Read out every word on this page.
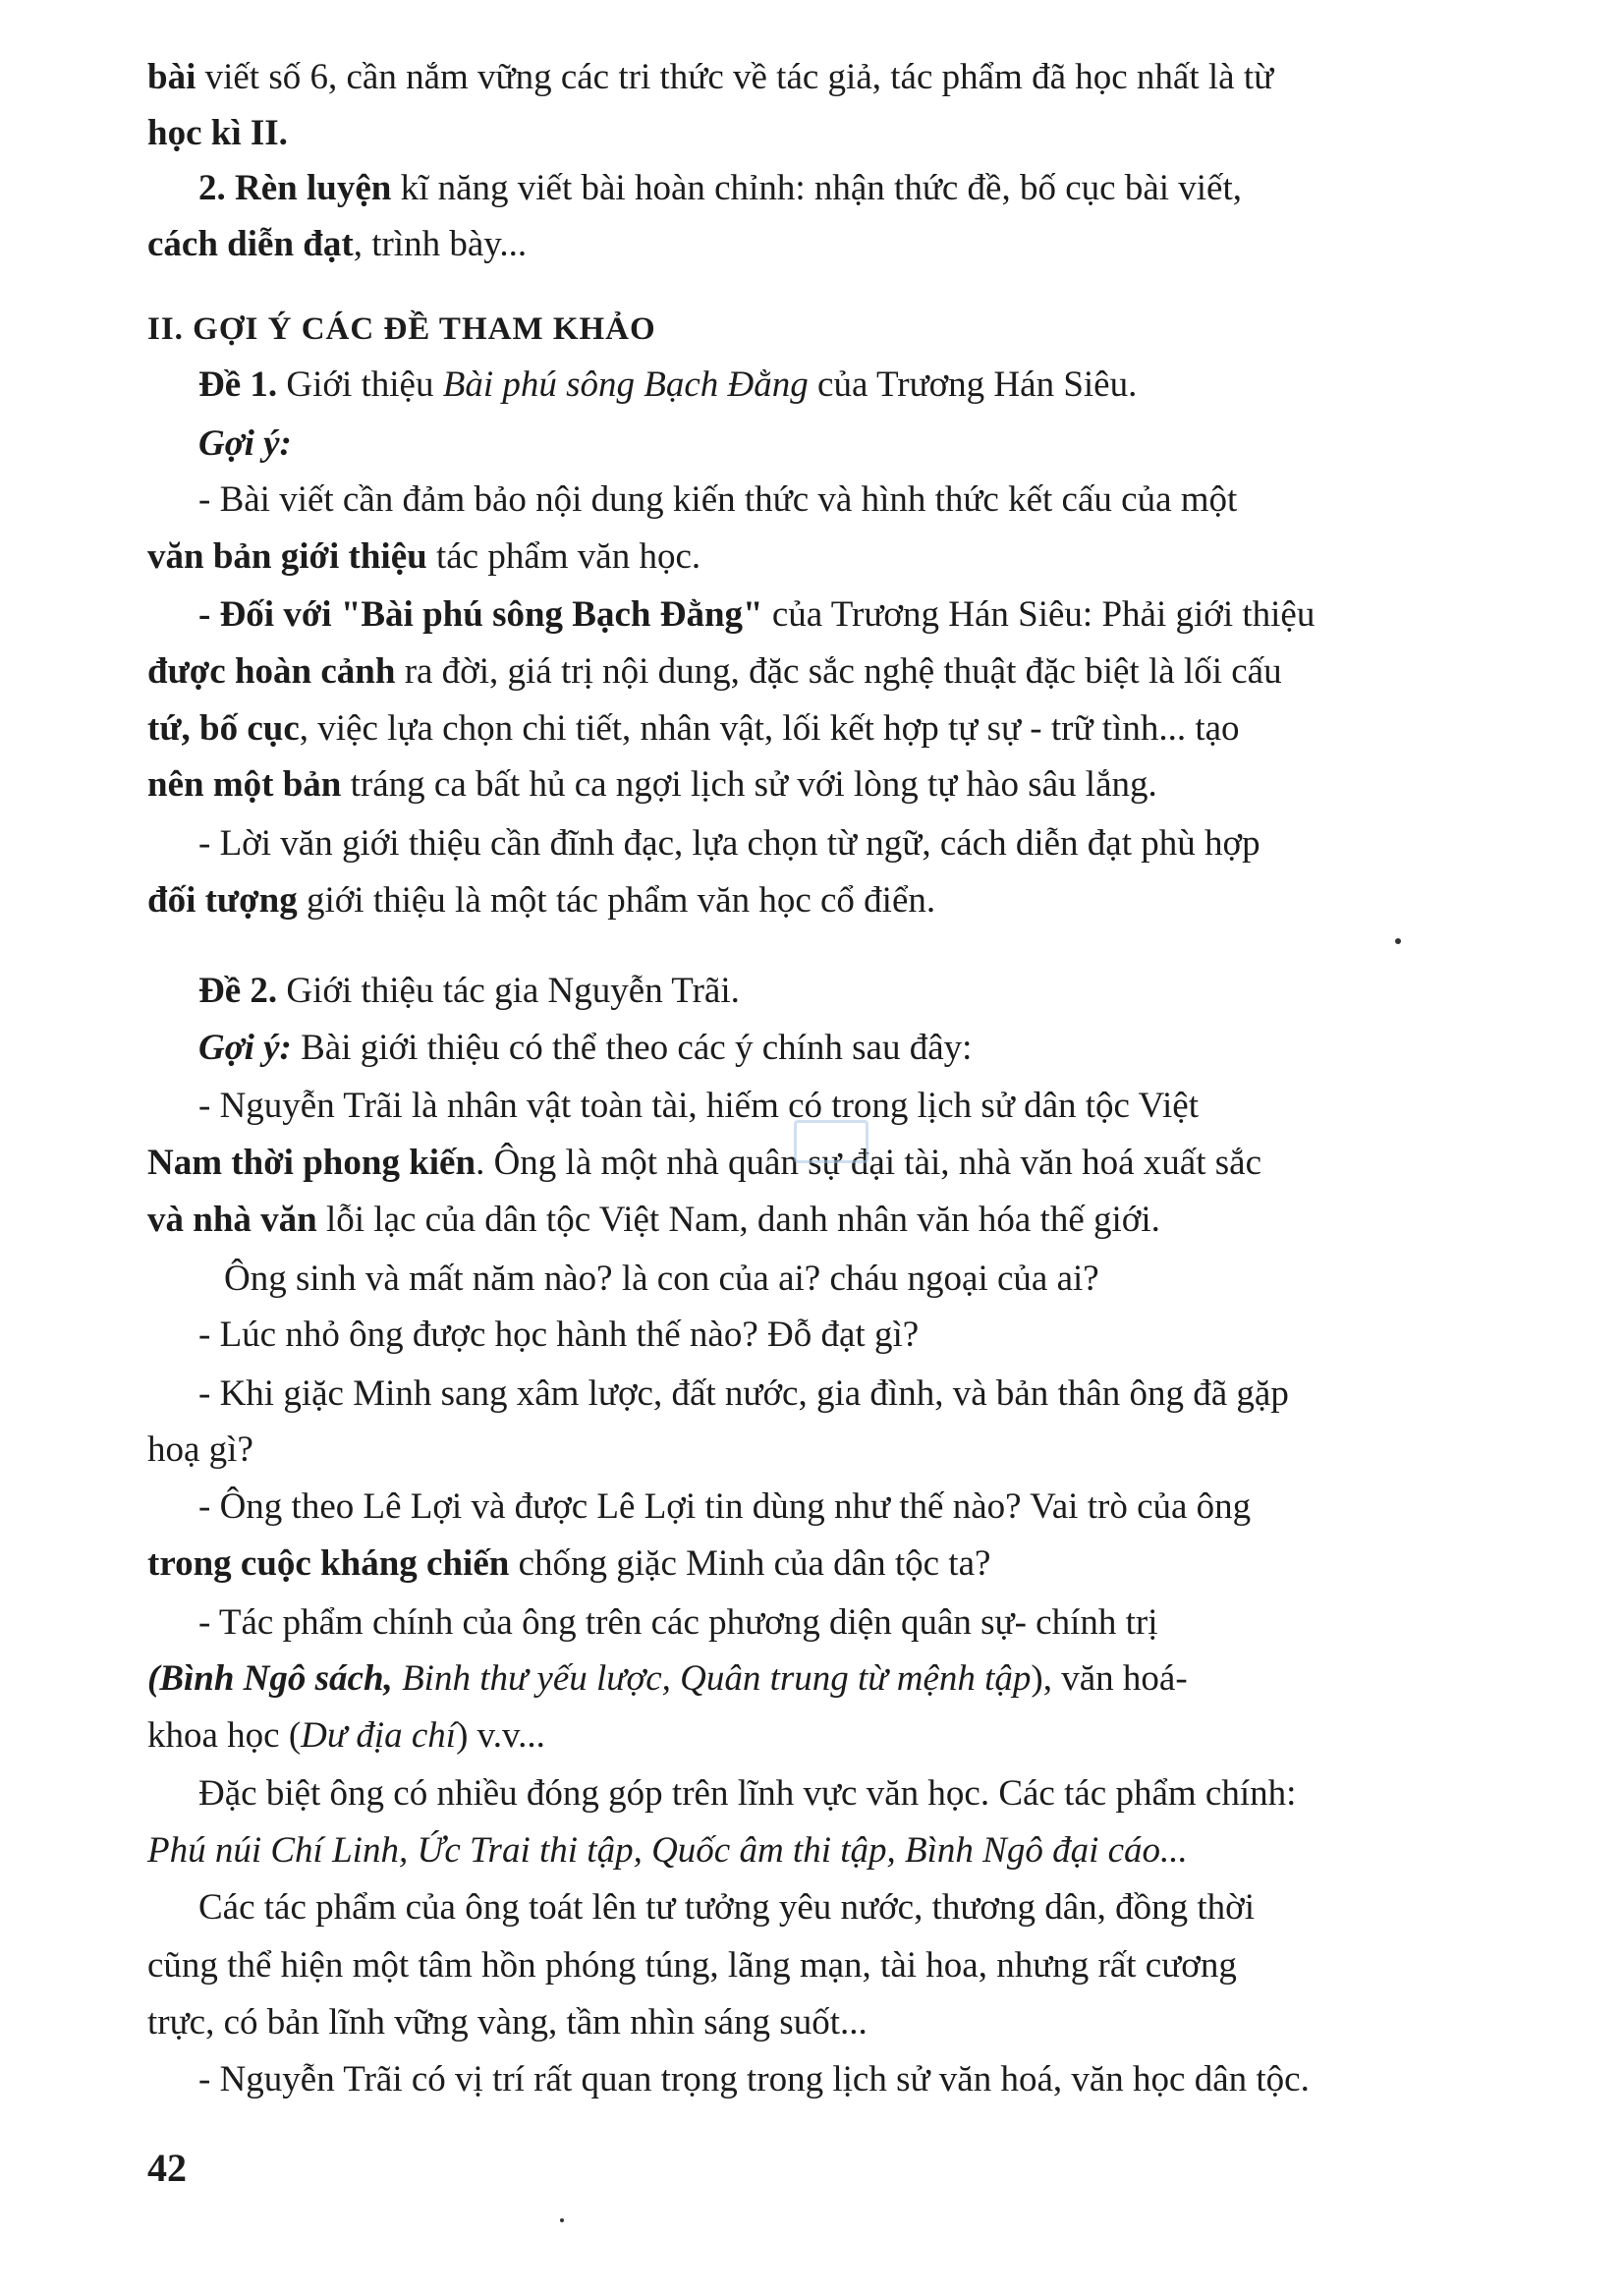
bài viết số 6, cần nắm vững các tri thức về tác giả, tác phẩm đã học nhất là từ
học kì II.
2. Rèn luyện kĩ năng viết bài hoàn chỉnh: nhận thức đề, bố cục bài viết,
cách diễn đạt, trình bày...
II. GỢI Ý CÁC ĐỀ THAM KHẢO
Đề 1. Giới thiệu Bài phú sông Bạch Đằng của Trương Hán Siêu.
Gợi ý:
- Bài viết cần đảm bảo nội dung kiến thức và hình thức kết cấu của một
văn bản giới thiệu tác phẩm văn học.
- Đối với "Bài phú sông Bạch Đằng" của Trương Hán Siêu: Phải giới thiệu
được hoàn cảnh ra đời, giá trị nội dung, đặc sắc nghệ thuật đặc biệt là lối cấu
tứ, bố cục, việc lựa chọn chi tiết, nhân vật, lối kết hợp tự sự - trữ tình... tạo
nên một bản tráng ca bất hủ ca ngợi lịch sử với lòng tự hào sâu lắng.
- Lời văn giới thiệu cần đĩnh đạc, lựa chọn từ ngữ, cách diễn đạt phù hợp
đối tượng giới thiệu là một tác phẩm văn học cổ điển.
Đề 2. Giới thiệu tác gia Nguyễn Trãi.
Gợi ý: Bài giới thiệu có thể theo các ý chính sau đây:
- Nguyễn Trãi là nhân vật toàn tài, hiếm có trong lịch sử dân tộc Việt
Nam thời phong kiến. Ông là một nhà quân sự đại tài, nhà văn hoá xuất sắc
và nhà văn lỗi lạc của dân tộc Việt Nam, danh nhân văn hóa thế giới.
Ông sinh và mất năm nào? là con của ai? cháu ngoại của ai?
- Lúc nhỏ ông được học hành thế nào? Đỗ đạt gì?
- Khi giặc Minh sang xâm lược, đất nước, gia đình, và bản thân ông đã gặp
hoạ gì?
- Ông theo Lê Lợi và được Lê Lợi tin dùng như thế nào? Vai trò của ông
trong cuộc kháng chiến chống giặc Minh của dân tộc ta?
- Tác phẩm chính của ông trên các phương diện quân sự- chính trị
(Bình Ngô sách, Binh thư yếu lược, Quân trung từ mệnh tập), văn hoá-
khoa học (Dư địa chí) v.v...
Đặc biệt ông có nhiều đóng góp trên lĩnh vực văn học. Các tác phẩm chính:
Phú núi Chí Linh, Ức Trai thi tập, Quốc âm thi tập, Bình Ngô đại cáo...
Các tác phẩm của ông toát lên tư tưởng yêu nước, thương dân, đồng thời
cũng thể hiện một tâm hồn phóng túng, lãng mạn, tài hoa, nhưng rất cương
trực, có bản lĩnh vững vàng, tầm nhìn sáng suốt...
- Nguyễn Trãi có vị trí rất quan trọng trong lịch sử văn hoá, văn học dân tộc.
42
